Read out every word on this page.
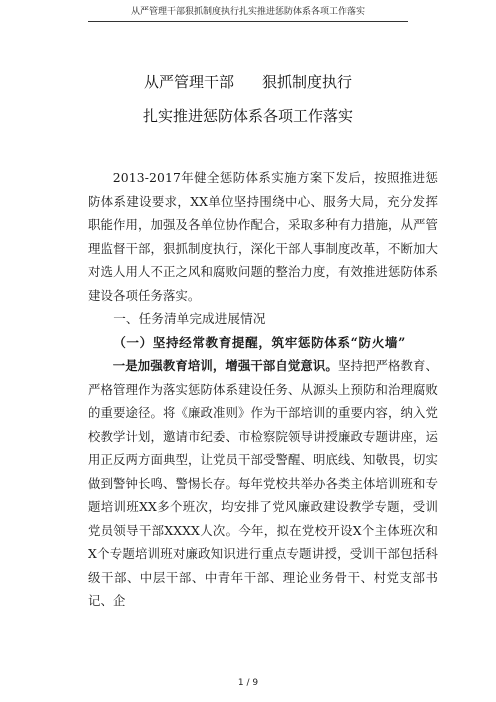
从严管理干部狠抓制度执行扎实推进惩防体系各项工作落实
从严管理干部 狠抓制度执行
扎实推进惩防体系各项工作落实

2013-2017年健全惩防体系实施方案下发后，按照推进惩防体系建设要求，XX单位坚持围绕中心、服务大局，充分发挥职能作用，加强及各单位协作配合，采取多种有力措施，从严管理监督干部，狠抓制度执行，深化干部人事制度改革，不断加大对选人用人不正之风和腐败问题的整治力度，有效推进惩防体系建设各项任务落实。

一、任务清单完成进展情况

（一）坚持经常教育提醒，筑牢惩防体系“防火墙”

一是加强教育培训，增强干部自觉意识。坚持把严格教育、严格管理作为落实惩防体系建设任务、从源头上预防和治理腐败的重要途径。将《廉政准则》作为干部培训的重要内容，纳入党校教学计划，邀请市纪委、市检察院领导讲授廉政专题讲座，运用正反两方面典型，让党员干部受警醒、明底线、知敬畏，切实做到警钟长鸣、警惕长存。每年党校共举办各类主体培训班和专题培训班XX多个班次，均安排了党风廉政建设教学专题，受训党员领导干部XXXX人次。今年，拟在党校开设X个主体班次和X个专题培训班对廉政知识进行重点专题讲授，受训干部包括科级干部、中层干部、中青年干部、理论业务骨干、村党支部书记、企

1 / 9
